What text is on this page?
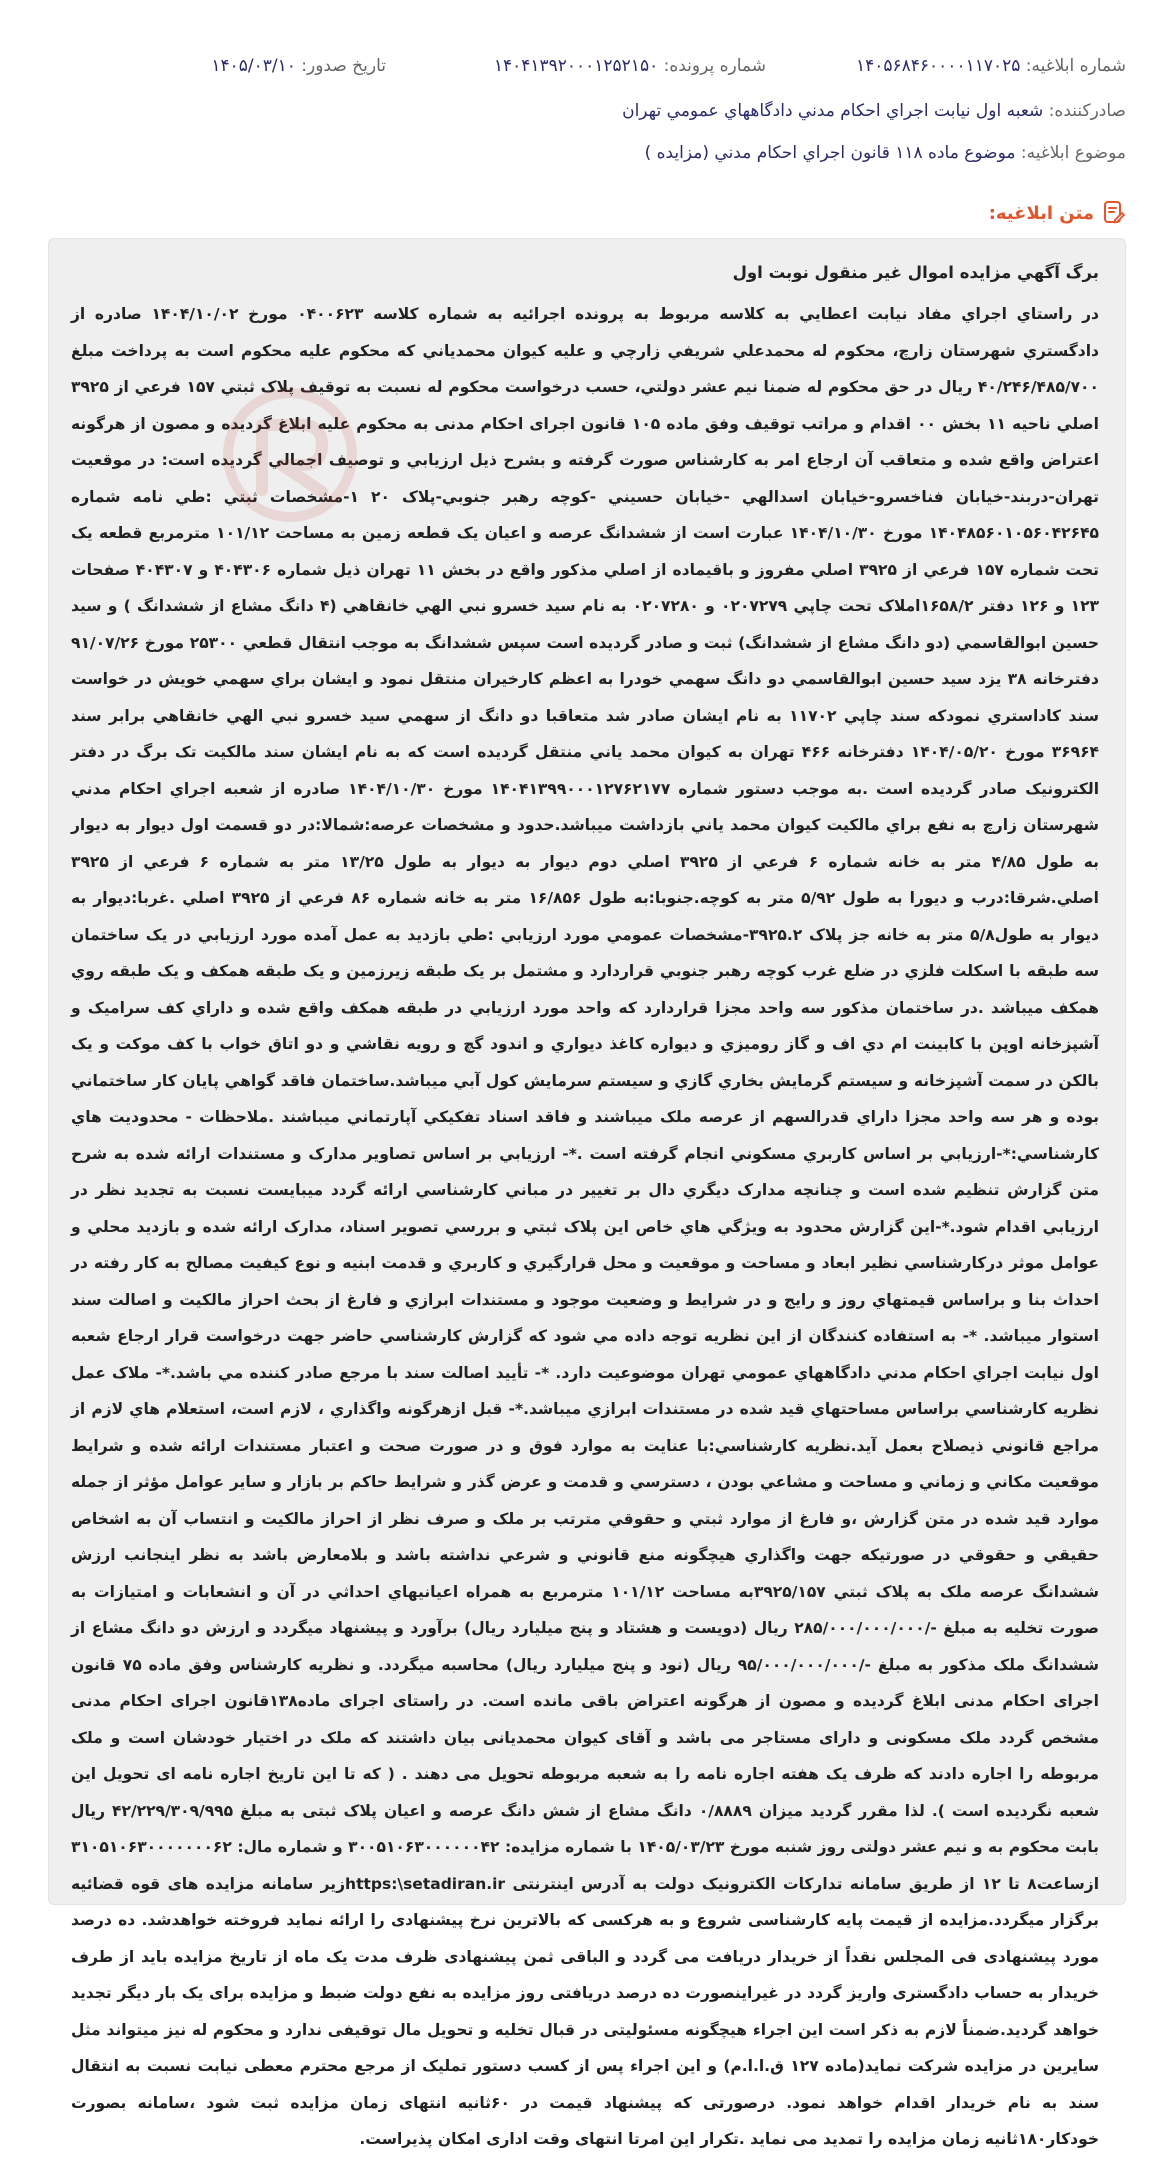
شماره ابلاغيه: ۱۴۰۵۶۸۴۶۰۰۰۰۱۱۷۰۲۵
شماره پرونده: ۱۴۰۴۱۳۹۲۰۰۰۱۲۵۲۱۵۰
تاريخ صدور: ۱۴۰۵/۰۳/۱۰
صادرکننده: شعبه اول نيابت اجراي احکام مدني دادگاههاي عمومي تهران
موضوع ابلاغيه: موضوع ماده ۱۱۸ قانون اجراي احکام مدني (مزايده )
متن ابلاغيه:

برگ آگهي مزايده اموال غير منقول نوبت اول

در راستاي اجراي مفاد نيابت اعطايي به کلاسه مربوط به پرونده اجرائيه به شماره کلاسه ۰۴۰۰۶۲۳ مورخ ۱۴۰۴/۱۰/۰۲ صادره از دادگستري شهرستان زارچ، محکوم له محمدعلي شريفي زارچي و عليه کيوان محمدياني که محکوم عليه محکوم است به پرداخت مبلغ ۴۰/۲۴۶/۴۸۵/۷۰۰ ريال در حق محکوم له ضمنا نيم عشر دولتي، حسب درخواست محکوم له نسبت به توقيف پلاک ثبتي ۱۵۷ فرعي از ۳۹۲۵ اصلي ناحيه ۱۱ بخش ۰۰ اقدام و مراتب توقيف وفق ماده ۱۰۵ قانون اجرای احکام مدنی به محکوم علیه ابلاغ گردیده و مصون از هرگونه اعتراض واقع شده و متعاقب آن ارجاع امر به کارشناس صورت گرفته و بشرح ذيل ارزيابي و توصيف اجمالي گرديده است: در موقعيت تهران-دربند-خيابان فناخسرو-خيابان اسدالهي -خيابان حسيني -کوچه رهبر جنوبي-پلاک ۲۰ ۱-مشخصات ثبتي :طي نامه شماره ۱۴۰۴۸۵۶۰۱۰۵۶۰۴۲۶۴۵ مورخ ۱۴۰۴/۱۰/۳۰ عبارت است از ششدانگ عرصه و اعيان يک قطعه زمين به مساحت ۱۰۱/۱۲ مترمربع قطعه يک تحت شماره ۱۵۷ فرعي از ۳۹۲۵ اصلي مفروز و باقيماده از اصلي مذکور واقع در بخش ۱۱ تهران ذيل شماره ۴۰۴۳۰۶ و ۴۰۴۳۰۷ صفحات ۱۲۳ و ۱۲۶ دفتر ۱۶۵۸/۲املاک تحت چاپي ۰۲۰۷۲۷۹ و ۰۲۰۷۲۸۰ به نام سيد خسرو نبي الهي خانقاهي (۴ دانگ مشاع از ششدانگ ) و سيد حسين ابوالقاسمي (دو دانگ مشاع از ششدانگ) ثبت و صادر گرديده است سپس ششدانگ به موجب انتقال قطعي ۲۵۳۰۰ مورخ ۹۱/۰۷/۲۶ دفترخانه ۳۸ يزد سيد حسين ابوالقاسمي دو دانگ سهمي خودرا به اعظم کارخيران منتقل نمود و ايشان براي سهمي خويش در خواست سند کاداستري نمودکه سند چاپي ۱۱۷۰۲ به نام ايشان صادر شد متعاقبا دو دانگ از سهمي سيد خسرو نبي الهي خانقاهي برابر سند ۳۶۹۶۴ مورخ ۱۴۰۴/۰۵/۲۰ دفترخانه ۴۶۶ تهران به کيوان محمد ياني منتقل گرديده است که به نام ايشان سند مالکيت تک برگ در دفتر الکترونيک صادر گرديده است .به موجب دستور شماره ۱۴۰۴۱۳۹۹۰۰۰۱۲۷۶۲۱۷۷ مورخ ۱۴۰۴/۱۰/۳۰ صادره از شعبه اجراي احکام مدني شهرستان زارچ به نفع براي مالکيت کيوان محمد ياني بازداشت ميباشد.حدود و مشخصات عرصه:شمالا:در دو قسمت اول ديوار به ديوار به طول ۴/۸۵ متر به خانه شماره ۶ فرعي از ۳۹۲۵ اصلي دوم ديوار به ديوار به طول ۱۳/۲۵ متر به شماره ۶ فرعي از ۳۹۲۵ اصلي.شرقا:درب و ديورا به طول ۵/۹۲ متر به کوچه.جنوبا:به طول ۱۶/۸۵۶ متر به خانه شماره ۸۶ فرعي از ۳۹۲۵ اصلي .غربا:ديوار به ديوار به طول۵/۸ متر به خانه جز پلاک ۳۹۲۵.۲-مشخصات عمومي مورد ارزيابي :طي بازديد به عمل آمده مورد ارزيابي در يک ساختمان سه طبقه با اسکلت فلزي در ضلع غرب کوچه رهبر جنوبي قراردارد و مشتمل بر يک طبقه زيرزمين و يک طبقه همکف و يک طبقه روي همکف ميباشد .در ساختمان مذکور سه واحد مجزا قراردارد که واحد مورد ارزيابي در طبقه همکف واقع شده و داراي کف سراميک و آشپزخانه اوپن با کابينت ام دي اف و گاز روميزي و ديواره کاغذ ديواري و اندود گچ و رويه نقاشي و دو اتاق خواب با کف موکت و يک بالکن در سمت آشپزخانه و سيستم گرمايش بخاري گازي و سيستم سرمايش کول آبي ميباشد.ساختمان فاقد گواهي پايان کار ساختماني بوده و هر سه واحد مجزا داراي قدرالسهم از عرصه ملک ميباشند و فاقد اسناد تفکيکي آپارتماني ميباشند .ملاحظات - محدوديت هاي کارشناسي:*-ارزيابي بر اساس کاربري مسکوني انجام گرفته است .*- ارزيابي بر اساس تصاوير مدارک و مستندات ارائه شده به شرح متن گزارش تنظيم شده است و چنانچه مدارک ديگري دال بر تغيير در مباني کارشناسي ارائه گردد ميبايست نسبت به تجديد نظر در ارزيابي اقدام شود.*-اين گزارش محدود به ويژگي هاي خاص اين پلاک ثبتي و بررسي تصوير اسناد، مدارک ارائه شده و بازديد محلي و عوامل موثر درکارشناسي نظير ابعاد و مساحت و موقعيت و محل قرارگيري و کاربري و قدمت ابنيه و نوع کيفيت مصالح به کار رفته در احداث بنا و براساس قيمتهاي روز و رايج و در شرايط و وضعيت موجود و مستندات ابرازي و فارغ از بحث احراز مالکيت و اصالت سند استوار ميباشد. *- به استفاده کنندگان از اين نظريه توجه داده مي شود که گزارش کارشناسي حاضر جهت درخواست قرار ارجاع شعبه اول نيابت اجراي احکام مدني دادگاههاي عمومي تهران موضوعيت دارد. *- تأييد اصالت سند با مرجع صادر کننده مي باشد.*- ملاک عمل نظريه کارشناسي براساس مساحتهاي قيد شده در مستندات ابرازي ميباشد.*- قبل ازهرگونه واگذاري ، لازم است، استعلام هاي لازم از مراجع قانوني ذيصلاح بعمل آيد.نظريه کارشناسي:با عنايت به موارد فوق و در صورت صحت و اعتبار مستندات ارائه شده و شرايط موقعيت مکاني و زماني و مساحت و مشاعي بودن ، دسترسي و قدمت و عرض گذر و شرايط حاکم بر بازار و ساير عوامل مؤثر از جمله موارد قيد شده در متن گزارش ،و فارغ از موارد ثبتي و حقوقي مترتب بر ملک و صرف نظر از احراز مالکيت و انتساب آن به اشخاص حقيقي و حقوقي در صورتيکه جهت واگذاري هيچگونه منع قانوني و شرعي نداشته باشد و بلامعارض باشد به نظر اينجانب ارزش ششدانگ عرصه ملک به پلاک ثبتي ۳۹۲۵/۱۵۷به مساحت ۱۰۱/۱۲ مترمربع به همراه اعيانيهاي احداثي در آن و انشعابات و امتيازات به صورت تخليه به مبلغ -/۲۸۵/۰۰۰/۰۰۰/۰۰۰ ريال (دويست و هشتاد و پنج ميليارد ريال) برآورد و پيشنهاد ميگردد و ارزش دو دانگ مشاع از ششدانگ ملک مذکور به مبلغ -/۹۵/۰۰۰/۰۰۰/۰۰۰ ريال (نود و پنج ميليارد ريال) محاسبه ميگردد. و نظریه کارشناس وفق ماده ۷۵ قانون اجرای احکام مدنی ابلاغ گردیده و مصون از هرگونه اعتراض باقی مانده است. در راستای اجرای ماده۱۳۸قانون اجرای احکام مدنی مشخص گردد ملک مسکونی و دارای مستاجر می باشد و آقای کیوان محمدیانی بیان داشتند که ملک در اختیار خودشان است و ملک مربوطه را اجاره دادند که ظرف یک هفته اجاره نامه را به شعبه مربوطه تحویل می دهند . ( که تا این تاریخ اجاره نامه ای تحویل این شعبه نگردیده است ). لذا مقرر گردید میزان ۰/۸۸۸۹ دانگ مشاع از شش دانگ عرصه و اعیان پلاک ثبتی به مبلغ ۴۲/۲۲۹/۳۰۹/۹۹۵ ریال بابت محکوم به و نیم عشر دولتی روز شنبه مورخ ۱۴۰۵/۰۳/۲۳ با شماره مزایده: ۳۰۰۵۱۰۶۳۰۰۰۰۰۰۴۲ و شماره مال: ۳۱۰۵۱۰۶۳۰۰۰۰۰۰۰۶۲ ازساعت۸ تا ۱۲ از طریق سامانه تدارکات الکترونیک دولت به آدرس اینترنتی https:\setadiran.irزیر سامانه مزایده های قوه قضائیه برگزار میگردد.مزایده از قیمت پایه کارشناسی شروع و به هرکسی که بالاترین نرخ پیشنهادی را ارائه نماید فروخته خواهدشد. ده درصد مورد پیشنهادی فی المجلس نقداً از خریدار دریافت می گردد و الباقی ثمن پیشنهادی ظرف مدت یک ماه از تاریخ مزایده باید از طرف خریدار به حساب دادگستری واریز گردد در غیراینصورت ده درصد دریافتی روز مزایده به نفع دولت ضبط و مزایده برای یک بار دیگر تجدید خواهد گردید.ضمناً لازم به ذکر است این اجراء هیچگونه مسئولیتی در قبال تخلیه و تحویل مال توقیفی ندارد و محکوم له نیز میتواند مثل سایرین در مزایده شرکت نماید(ماده ۱۲۷ ق.ا.ا.م) و این اجراء پس از کسب دستور تملیک از مرجع محترم معطی نیابت نسبت به انتقال سند به نام خریدار اقدام خواهد نمود. درصورتی که پیشنهاد قیمت در ۶۰ثانیه انتهای زمان مزایده ثبت شود ،سامانه بصورت خودکار۱۸۰ثانیه زمان مزایده را تمدید می نماید .تکرار این امرتا انتهای وقت اداری امکان پذیراست.
